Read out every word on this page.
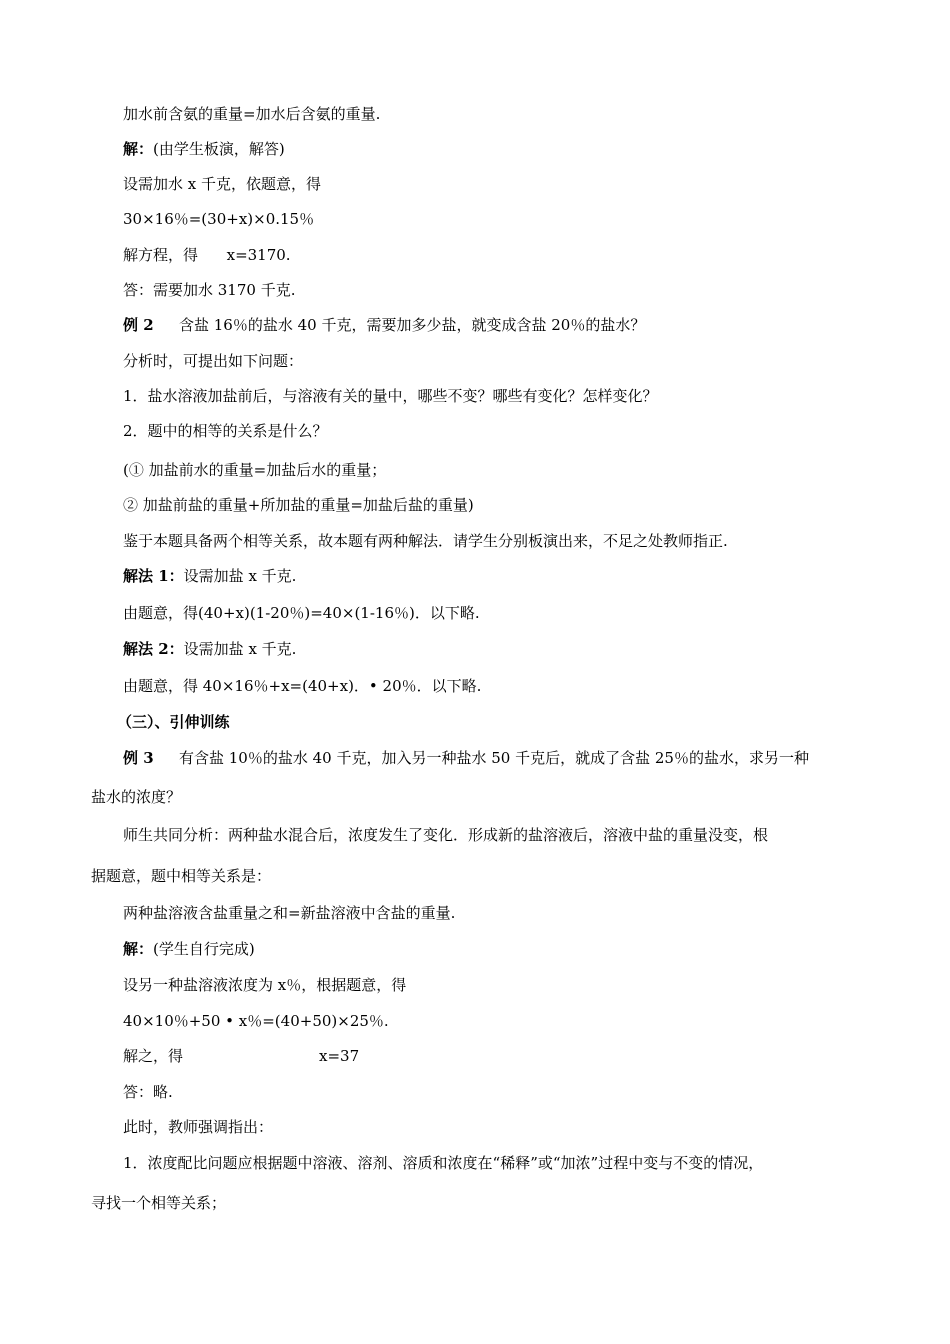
加水前含氨的重量=加水后含氨的重量.
解：(由学生板演，解答)
设需加水 x 千克，依题意，得
30×16％=(30+x)×0.15％
解方程，得      x=3170.
答：需要加水 3170 千克.
例 2 含盐 16％的盐水 40 千克，需要加多少盐，就变成含盐 20％的盐水？
分析时，可提出如下问题：
1．盐水溶液加盐前后，与溶液有关的量中，哪些不变？哪些有变化？怎样变化？
2．题中的相等的关系是什么？
(① 加盐前水的重量=加盐后水的重量；
② 加盐前盐的重量+所加盐的重量=加盐后盐的重量)
鉴于本题具备两个相等关系，故本题有两种解法．请学生分别板演出来，不足之处教师指正.
解法 1：设需加盐 x 千克.
由题意，得(40+x)(1-20％)=40×(1-16％)．以下略.
解法 2：设需加盐 x 千克.
由题意，得 40×16％+x=(40+x)．• 20％．以下略.
（三）、引伸训练
例 3 有含盐 10％的盐水 40 千克，加入另一种盐水 50 千克后，就成了含盐 25％的盐水，求另一种
盐水的浓度？
师生共同分析：两种盐水混合后，浓度发生了变化．形成新的盐溶液后，溶液中盐的重量没变，根
据题意，题中相等关系是：
两种盐溶液含盐重量之和=新盐溶液中含盐的重量.
解：(学生自行完成)
设另一种盐溶液浓度为 x％，根据题意，得
40×10％+50 • x％=(40+50)×25％.
解之，得	x=37
答：略.
此时，教师强调指出：
1．浓度配比问题应根据题中溶液、溶剂、溶质和浓度在“稀释”或“加浓”过程中变与不变的情况，
寻找一个相等关系；
